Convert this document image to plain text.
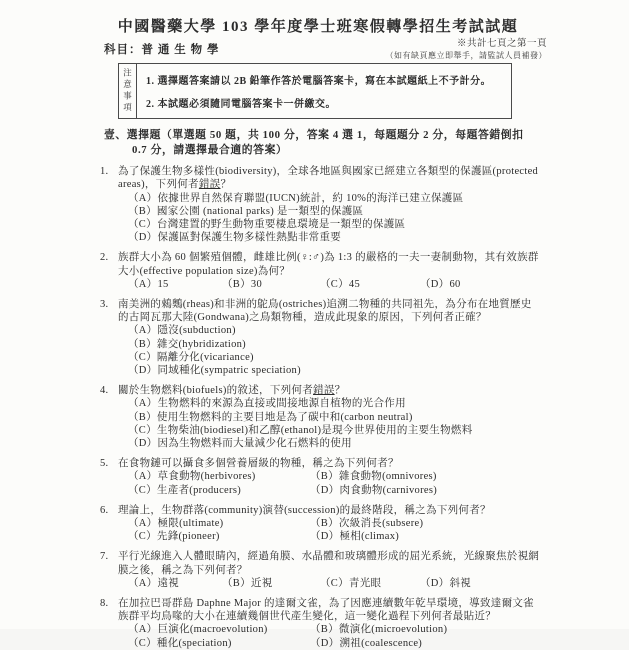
中國醫藥大學 103 學年度學士班寒假轉學招生考試試題
科目：普 通 生 物 學	※共計七頁之第一頁
（如有缺頁應立即舉手，請監試人員補發）
注意事項	1. 選擇題答案請以 2B 鉛筆作答於電腦答案卡，寫在本試題紙上不予計分。
2. 本試題必須隨同電腦答案卡一併繳交。
壹、選擇題（單選題 50 題，共 100 分，答案 4 選 1，每題題分 2 分，每題答錯倒扣 0.7 分，請選擇最合適的答案）
1. 為了保護生物多樣性(biodiversity)，全球各地區與國家已經建立各類型的保護區(protected areas)，下列何者錯誤？
（A）依據世界自然保育聯盟(IUCN)統計，約 10%的海洋已建立保護區
（B）國家公園 (national parks) 是一類型的保護區
（C）台灣建置的野生動物重要棲息環境是一類型的保護區
（D）保護區對保護生物多樣性熱點非常重要
2. 族群大小為 60 個繁殖個體，雌雄比例(♀:♂)為 1:3 的嚴格的一夫一妻制動物，其有效族群大小(effective population size)為何？
（A）15	（B）30	（C）45	（D）60
3. 南美洲的鶆䴈(rheas)和非洲的鴕鳥(ostriches)追溯二物種的共同祖先，為分布在地質歷史的古岡瓦那大陸(Gondwana)之鳥類物種，造成此現象的原因，下列何者正確？
（A）隱沒(subduction)
（B）雜交(hybridization)
（C）隔離分化(vicariance)
（D）同域種化(sympatric speciation)
4. 關於生物燃料(biofuels)的敘述，下列何者錯誤？
（A）生物燃料的來源為直接或間接地源自植物的光合作用
（B）使用生物燃料的主要目地是為了碳中和(carbon neutral)
（C）生物柴油(biodiesel)和乙醇(ethanol)是現今世界使用的主要生物燃料
（D）因為生物燃料而大量減少化石燃料的使用
5. 在食物鏈可以攝食多個營養層級的物種，稱之為下列何者？
（A）草食動物(herbivores)	（B）雜食動物(omnivores)
（C）生產者(producers)	（D）肉食動物(carnivores)
6. 理論上，生物群落(community)演替(succession)的最終階段，稱之為下列何者？
（A）極限(ultimate)	（B）次級消長(subsere)
（C）先鋒(pioneer)	（D）極相(climax)
7. 平行光線進入人體眼睛內，經過角膜、水晶體和玻璃體形成的屈光系統，光線聚焦於視網膜之後，稱之為下列何者？
（A）遠視	（B）近視	（C）青光眼	（D）斜視
8. 在加拉巴哥群島 Daphne Major 的達爾文雀，為了因應連續數年乾旱環境，導致達爾文雀族群平均鳥喙的大小在連續幾個世代產生變化，這一變化過程下列何者最貼近？
（A）巨演化(macroevolution)	（B）微演化(microevolution)
（C）種化(speciation)	（D）溯祖(coalescence)
